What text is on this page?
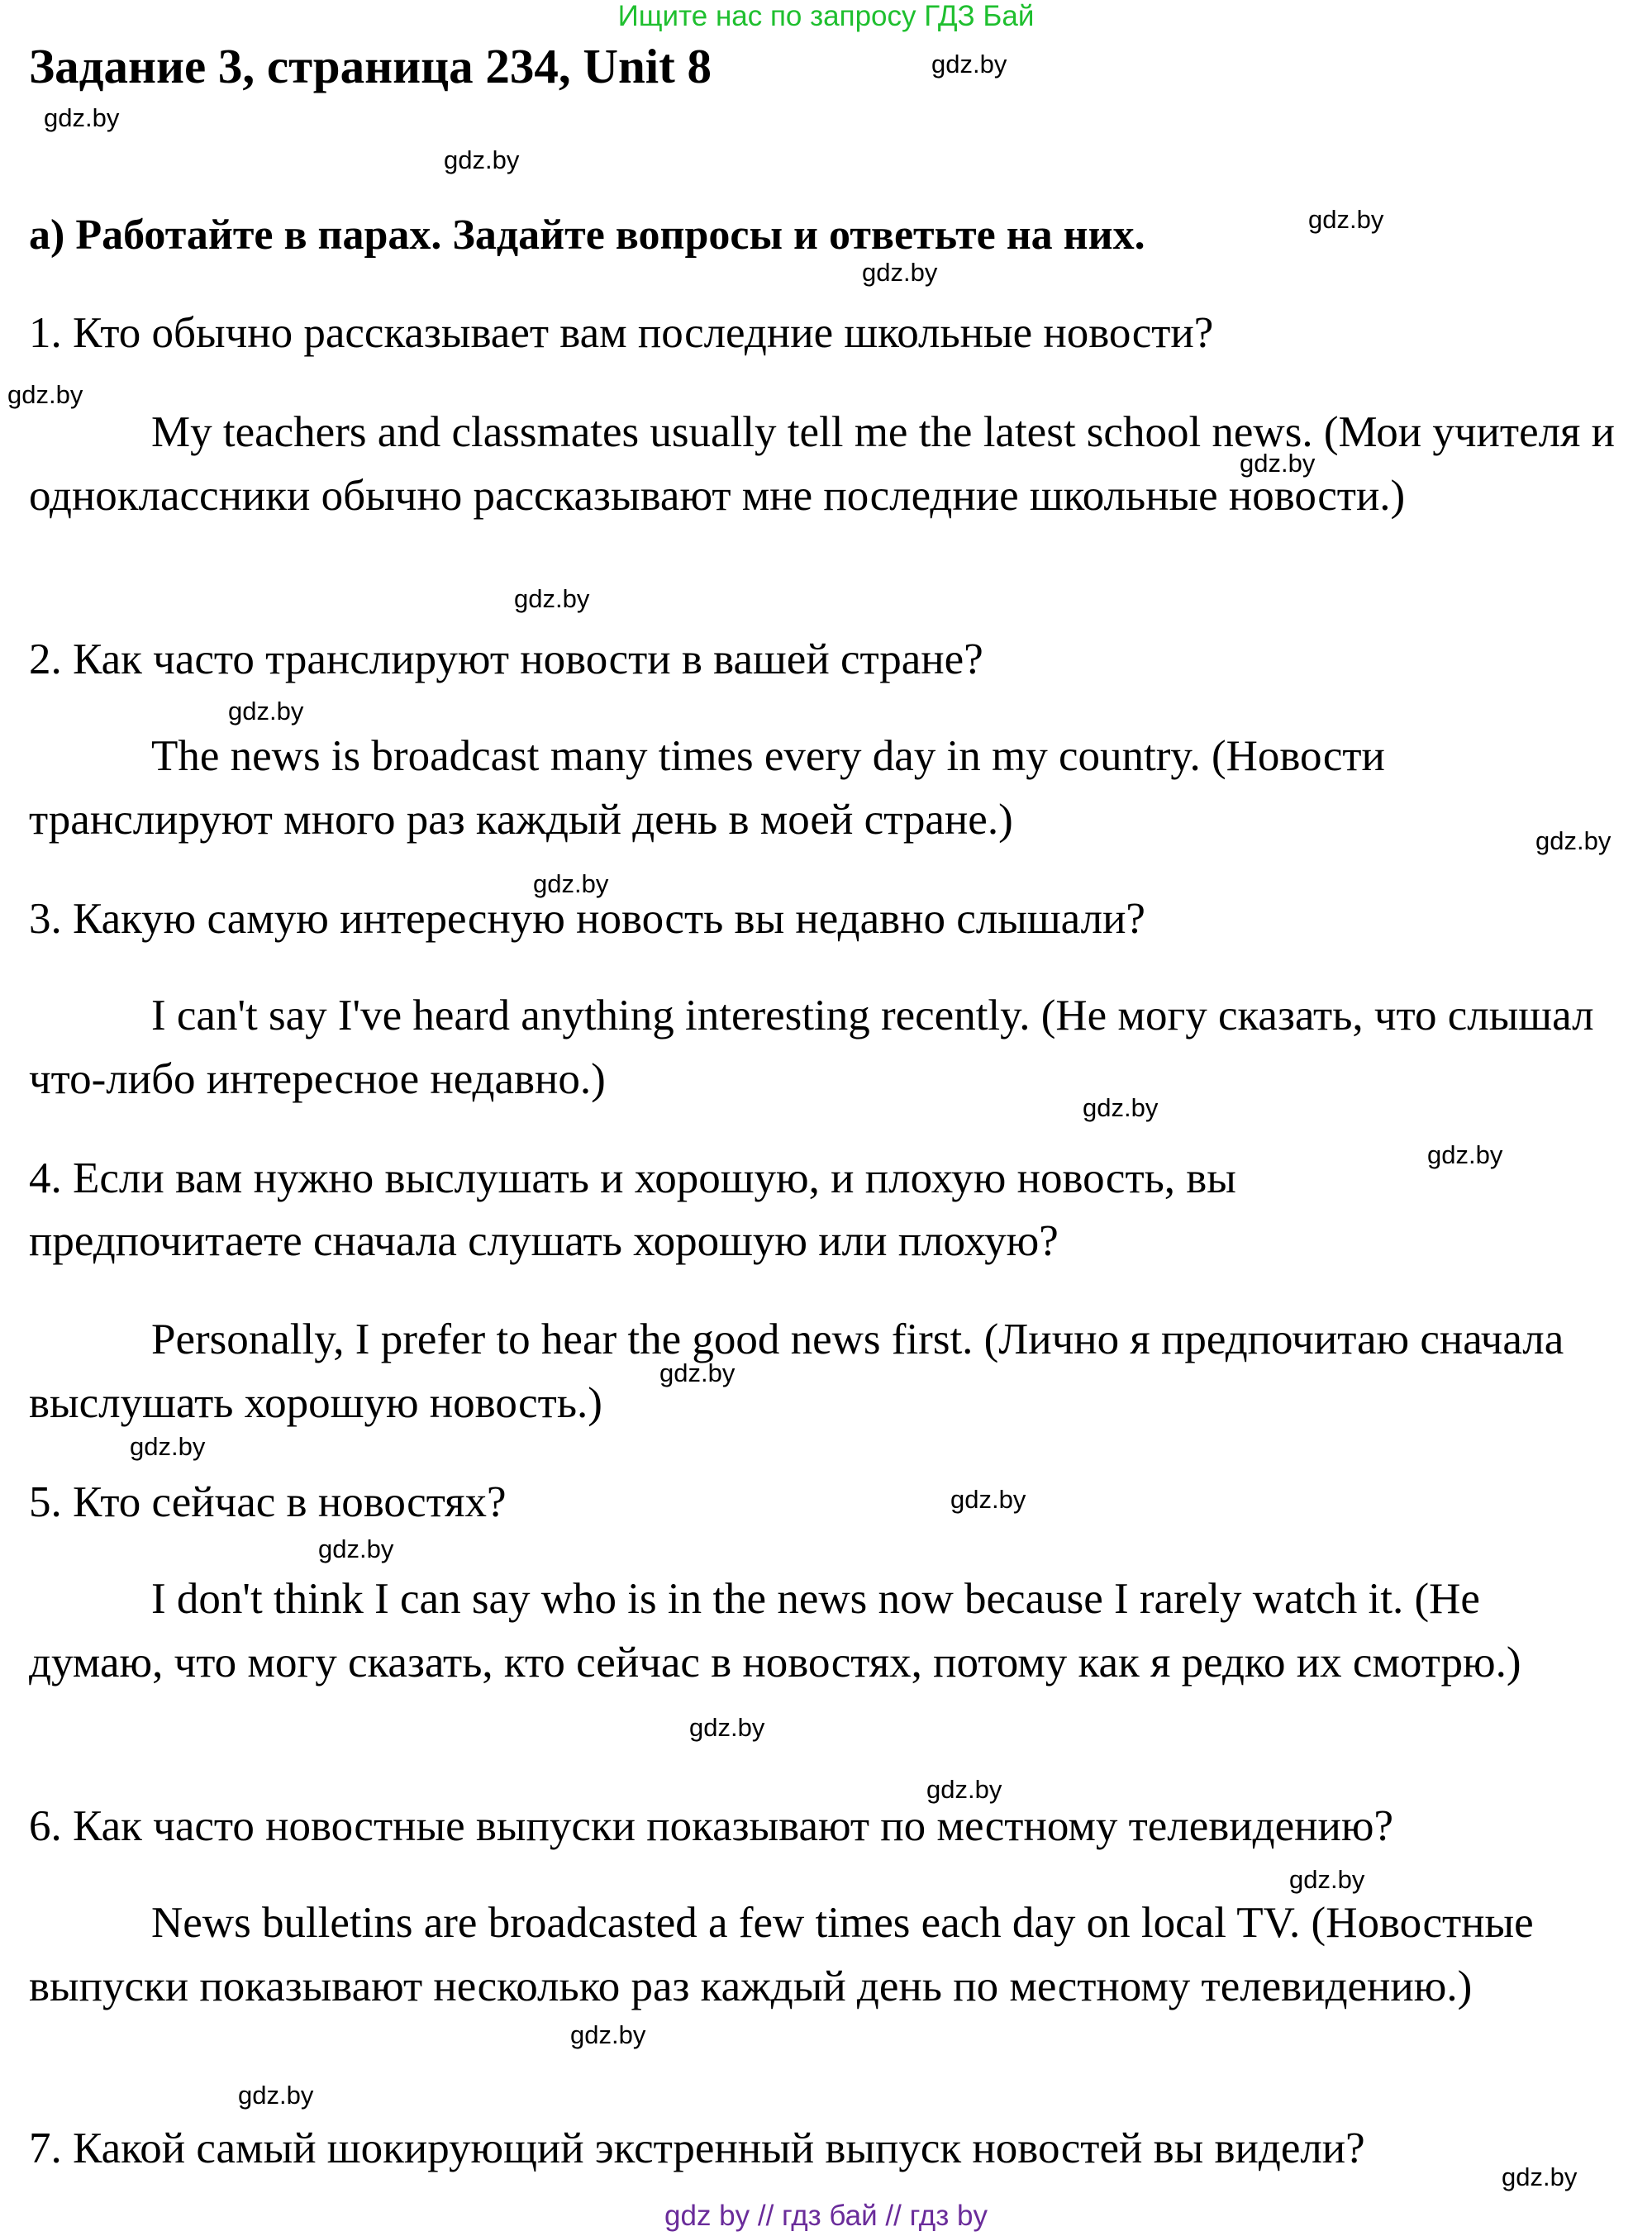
Ищите нас по запросу ГДЗ Бай
Задание 3, страница 234, Unit 8
a) Работайте в парах. Задайте вопросы и ответьте на них.
1. Кто обычно рассказывает вам последние школьные новости?
My teachers and classmates usually tell me the latest school news. (Мои учителя и одноклассники обычно рассказывают мне последние школьные новости.)
2. Как часто транслируют новости в вашей стране?
The news is broadcast many times every day in my country. (Новости транслируют много раз каждый день в моей стране.)
3. Какую самую интересную новость вы недавно слышали?
I can't say I've heard anything interesting recently. (Не могу сказать, что слышал что-либо интересное недавно.)
4. Если вам нужно выслушать и хорошую, и плохую новость, вы
предпочитаете сначала слушать хорошую или плохую?
Personally, I prefer to hear the good news first. (Лично я предпочитаю сначала выслушать хорошую новость.)
5. Кто сейчас в новостях?
I don't think I can say who is in the news now because I rarely watch it. (Не думаю, что могу сказать, кто сейчас в новостях, потому как я редко их смотрю.)
6. Как часто новостные выпуски показывают по местному телевидению?
News bulletins are broadcasted a few times each day on local TV. (Новостные выпуски показывают несколько раз каждый день по местному телевидению.)
7. Какой самый шокирующий экстренный выпуск новостей вы видели?
gdz.by
gdz.by
gdz.by
gdz.by
gdz.by
gdz.by
gdz.by
gdz.by
gdz.by
gdz.by
gdz.by
gdz.by
gdz.by
gdz.by
gdz.by
gdz.by
gdz.by
gdz.by
gdz.by
gdz.by
gdz.by
gdz.by
gdz.by
gdz by // гдз бай // гдз by
